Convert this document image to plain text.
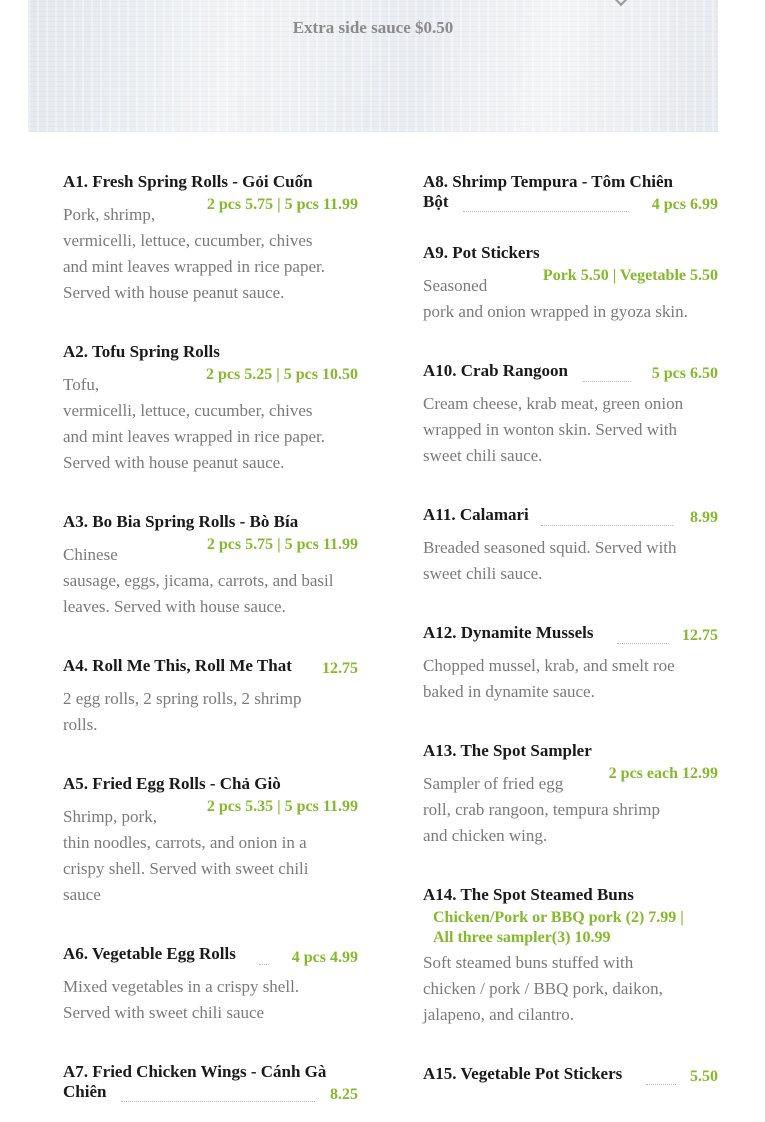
Extra side sauce $0.50
A1. Fresh Spring Rolls - Gỏi Cuốn
2 pcs 5.75 | 5 pcs 11.99
Pork, shrimp,
vermicelli, lettuce, cucumber, chives
and mint leaves wrapped in rice paper.
Served with house peanut sauce.
A2. Tofu Spring Rolls
2 pcs 5.25 | 5 pcs 10.50
Tofu,
vermicelli, lettuce, cucumber, chives
and mint leaves wrapped in rice paper.
Served with house peanut sauce.
A3. Bo Bia Spring Rolls - Bò Bía
2 pcs 5.75 | 5 pcs 11.99
Chinese
sausage, eggs, jicama, carrots, and basil
leaves. Served with house sauce.
A4. Roll Me This, Roll Me That 12.75
2 egg rolls, 2 spring rolls, 2 shrimp
rolls.
A5. Fried Egg Rolls - Chả Giò
2 pcs 5.35 | 5 pcs 11.99
Shrimp, pork,
thin noodles, carrots, and onion in a
crispy shell. Served with sweet chili
sauce
A6. Vegetable Egg Rolls	4 pcs 4.99
Mixed vegetables in a crispy shell.
Served with sweet chili sauce
A7. Fried Chicken Wings - Cánh Gà
Chiên	8.25
A8. Shrimp Tempura - Tôm Chiên
Bột	4 pcs 6.99
A9. Pot Stickers
Pork 5.50 | Vegetable 5.50
Seasoned
pork and onion wrapped in gyoza skin.
A10. Crab Rangoon	5 pcs 6.50
Cream cheese, krab meat, green onion
wrapped in wonton skin. Served with
sweet chili sauce.
A11. Calamari	8.99
Breaded seasoned squid. Served with
sweet chili sauce.
A12. Dynamite Mussels	12.75
Chopped mussel, krab, and smelt roe
baked in dynamite sauce.
A13. The Spot Sampler
2 pcs each 12.99
Sampler of fried egg
roll, crab rangoon, tempura shrimp
and chicken wing.
A14. The Spot Steamed Buns
Chicken/Pork or BBQ pork (2) 7.99 |
All three sampler(3) 10.99
Soft steamed buns stuffed with
chicken / pork / BBQ pork, daikon,
jalapeno, and cilantro.
A15. Vegetable Pot Stickers	5.50
